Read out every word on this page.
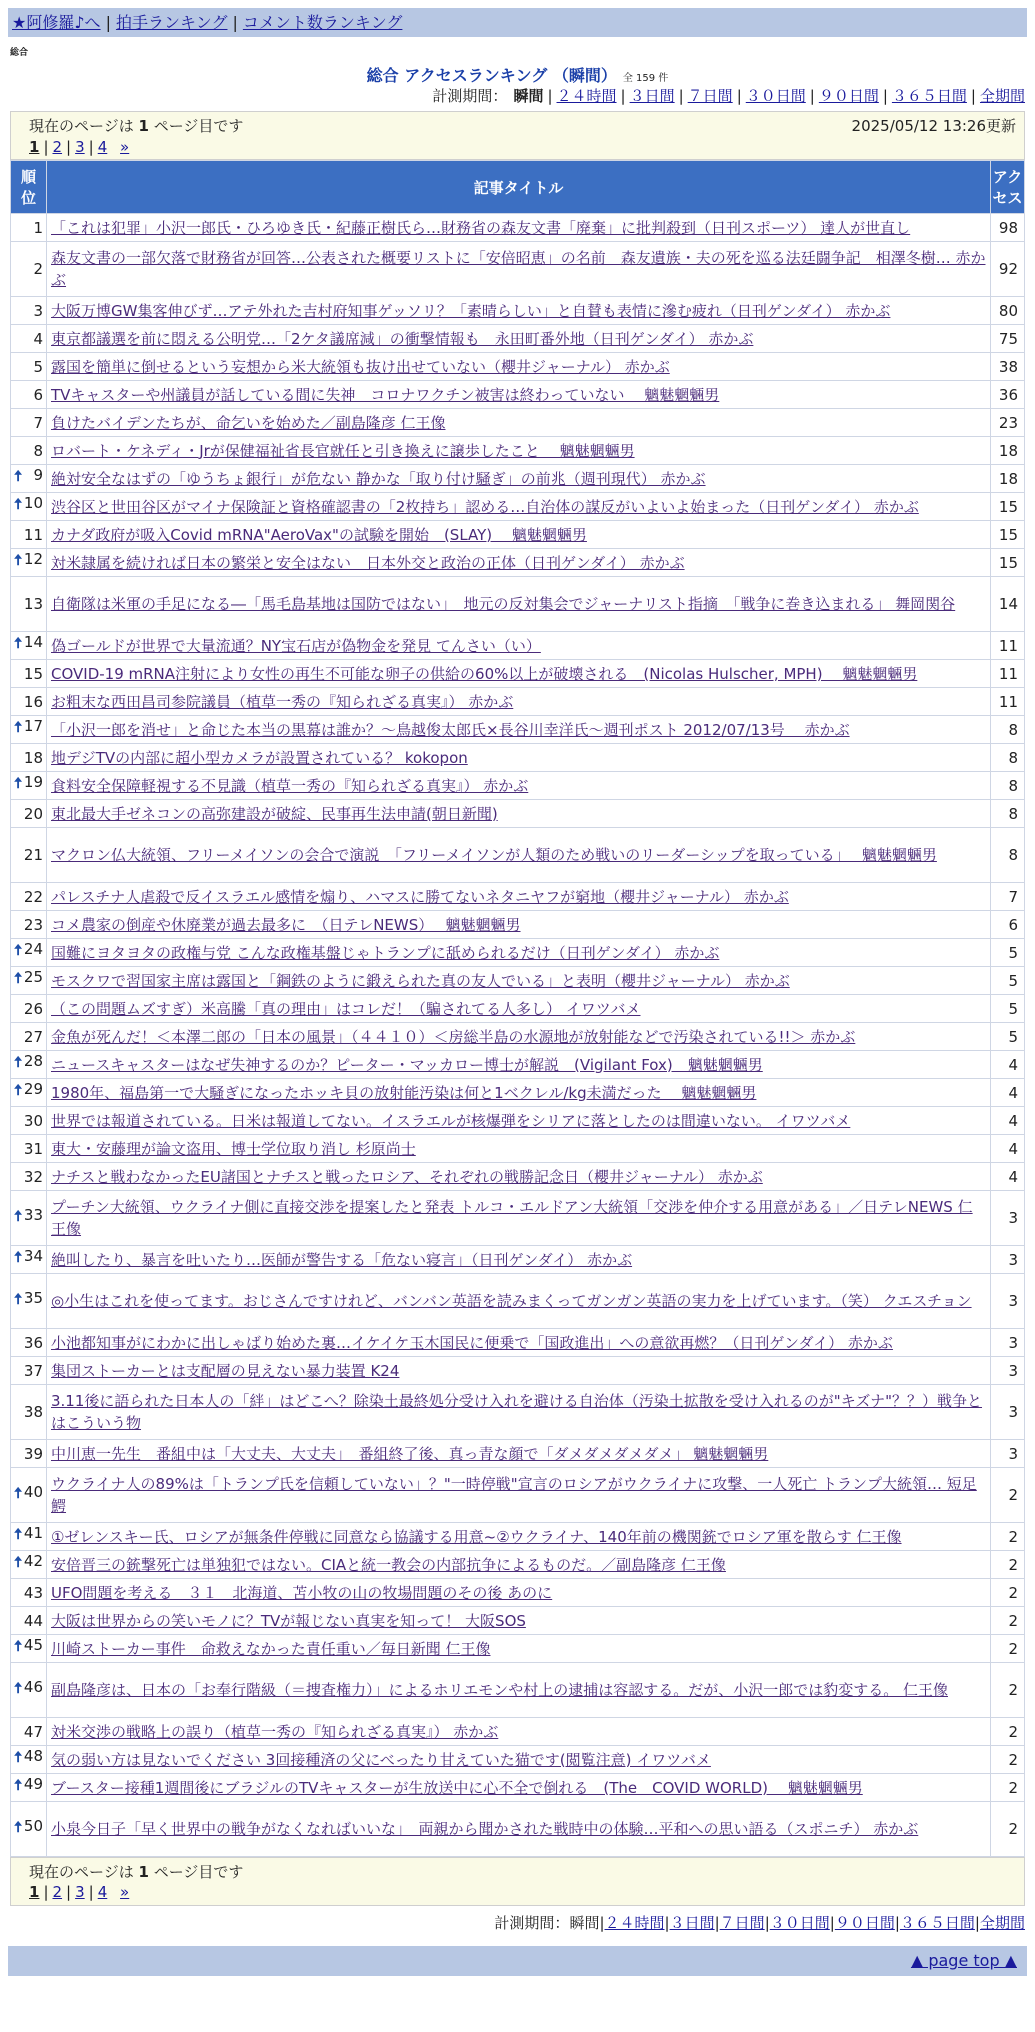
★阿修羅♪へ | 拍手ランキング | コメント数ランキング
総合
総合 アクセスランキング （瞬間） 全 159 件
計測期間： 瞬間 | ２４時間 | ３日間 | ７日間 | ３０日間 | ９０日間 | ３６５日間 | 全期間
現在のページは 1 ページ目です	2025/05/12 13:26更新
1 | 2 | 3 | 4 »
順位	記事タイトル	アクセス
1	「これは犯罪」小沢一郎氏・ひろゆき氏・紀藤正樹氏ら…財務省の森友文書「廃棄」に批判殺到（日刊スポーツ） 達人が世直し	98
2	森友文書の一部欠落で財務省が回答…公表された概要リストに「安倍昭恵」の名前　森友遺族・夫の死を巡る法廷闘争記　相澤冬樹… 赤かぶ	92
3	大阪万博GW集客伸びず…アテ外れた吉村府知事ゲッソリ？「素晴らしい」と自賛も表情に滲む疲れ（日刊ゲンダイ） 赤かぶ	80
4	東京都議選を前に悶える公明党…「2ケタ議席減」の衝撃情報も　永田町番外地（日刊ゲンダイ） 赤かぶ	75
5	露国を簡単に倒せるという妄想から米大統領も抜け出せていない（櫻井ジャーナル） 赤かぶ	38
6	TVキャスターや州議員が話している間に失神　コロナワクチン被害は終わっていない　 魑魅魍魎男	36
7	負けたバイデンたちが、命乞いを始めた／副島隆彦 仁王像	23
8	ロバート・ケネディ・Jrが保健福祉省長官就任と引き換えに譲歩したこと　 魑魅魍魎男	18

🠅 9	絶対安全なはずの「ゆうちょ銀行」が危ない 静かな「取り付け騒ぎ」の前兆（週刊現代） 赤かぶ	18

🠅 10	渋谷区と世田谷区がマイナ保険証と資格確認書の「2枚持ち」認める…自治体の謀反がいよいよ始まった（日刊ゲンダイ） 赤かぶ	15
11	カナダ政府が吸入Covid mRNA"AeroVax"の試験を開始　(SLAY)　 魑魅魍魎男	15

🠅 12	対米隷属を続ければ日本の繁栄と安全はない　日本外交と政治の正体（日刊ゲンダイ） 赤かぶ	15
13	自衛隊は米軍の手足になる―「馬毛島基地は国防ではない」　地元の反対集会でジャーナリスト指摘　「戦争に巻き込まれる」 舞岡関谷	14

🠅 14	偽ゴールドが世界で大量流通？NY宝石店が偽物金を発見 てんさい（い）	11
15	COVID-19 mRNA注射により女性の再生不可能な卵子の供給の60%以上が破壊される　(Nicolas Hulscher, MPH)　 魑魅魍魎男	11
16	お粗末な西田昌司参院議員（植草一秀の『知られざる真実』） 赤かぶ	11

🠅 17	「小沢一郎を消せ」と命じた本当の黒幕は誰か？～鳥越俊太郎氏×長谷川幸洋氏～週刊ポスト 2012/07/13号　 赤かぶ	8
18	地デジTVの内部に超小型カメラが設置されている？ kokopon	8

🠅 19	食料安全保障軽視する不見識（植草一秀の『知られざる真実』） 赤かぶ	8
20	東北最大手ゼネコンの高弥建設が破綻、民事再生法申請(朝日新聞)	8
21	マクロン仏大統領、フリーメイソンの会合で演説　「フリーメイソンが人類のため戦いのリーダーシップを取っている」　 魑魅魍魎男	8
22	パレスチナ人虐殺で反イスラエル感情を煽り、ハマスに勝てないネタニヤフが窮地（櫻井ジャーナル） 赤かぶ	7
23	コメ農家の倒産や休廃業が過去最多に　（日テレNEWS）　 魑魅魍魎男	6

🠅 24	国難にヨタヨタの政権与党 こんな政権基盤じゃトランプに舐められるだけ（日刊ゲンダイ） 赤かぶ	5

🠅 25	モスクワで習国家主席は露国と「鋼鉄のように鍛えられた真の友人でいる」と表明（櫻井ジャーナル） 赤かぶ	5
26	（この問題ムズすぎ）米高騰「真の理由」はコレだ！（騙されてる人多し） イワツバメ	5
27	金魚が死んだ！＜本澤二郎の「日本の風景」（４４１０）＜房総半島の水源地が放射能などで汚染されている!!＞ 赤かぶ	5

🠅 28	ニュースキャスターはなぜ失神するのか？ピーター・マッカロー博士が解説　(Vigilant Fox)　魑魅魍魎男	4

🠅 29	1980年、福島第一で大騒ぎになったホッキ貝の放射能汚染は何と1ベクレル/kg未満だった　 魑魅魍魎男	4
30	世界では報道されている。日米は報道してない。イスラエルが核爆弾をシリアに落としたのは間違いない。 イワツバメ	4
31	東大・安藤理が論文盗用、博士学位取り消し 杉原尚士	4
32	ナチスと戦わなかったEU諸国とナチスと戦ったロシア、それぞれの戦勝記念日（櫻井ジャーナル） 赤かぶ	4

🠅 33	プーチン大統領、ウクライナ側に直接交渉を提案したと発表 トルコ・エルドアン大統領「交渉を仲介する用意がある」／日テレNEWS 仁王像	3

🠅 34	絶叫したり、暴言を吐いたり…医師が警告する「危ない寝言」（日刊ゲンダイ） 赤かぶ	3

🠅 35	◎小生はこれを使ってます。おじさんですけれど、バンバン英語を読みまくってガンガン英語の実力を上げています。（笑） クエスチョン	3
36	小池都知事がにわかに出しゃばり始めた裏…イケイケ玉木国民に便乗で「国政進出」への意欲再燃？（日刊ゲンダイ） 赤かぶ	3
37	集団ストーカーとは支配層の見えない暴力装置 K24	3
38	3.11後に語られた日本人の「絆」はどこへ？除染土最終処分受け入れを避ける自治体（汚染土拡散を受け入れるのが"キズナ"？？）戦争とはこういう物	3
39	中川恵一先生　番組中は「大丈夫、大丈夫」　番組終了後、真っ青な顔で「ダメダメダメダメ」 魑魅魍魎男	3

🠅 40	ウクライナ人の89%は「トランプ氏を信頼していない」？"一時停戦"宣言のロシアがウクライナに攻撃、一人死亡 トランプ大統領… 短足鰐	2

🠅 41	①ゼレンスキー氏、ロシアが無条件停戦に同意なら協議する用意~②ウクライナ、140年前の機関銃でロシア軍を散らす 仁王像	2

🠅 42	安倍晋三の銃撃死亡は単独犯ではない。CIAと統一教会の内部抗争によるものだ。／副島隆彦 仁王像	2
43	UFO問題を考える　３１　北海道、苫小牧の山の牧場問題のその後 あのに	2
44	大阪は世界からの笑いモノに？TVが報じない真実を知って！ 大阪SOS	2

🠅 45	川崎ストーカー事件　命救えなかった責任重い／毎日新聞 仁王像	2

🠅 46	副島隆彦は、日本の「お奉行階級（＝捜査権力）」によるホリエモンや村上の逮捕は容認する。だが、小沢一郎では豹変する。 仁王像	2
47	対米交渉の戦略上の誤り（植草一秀の『知られざる真実』） 赤かぶ	2

🠅 48	気の弱い方は見ないでください 3回接種済の父にべったり甘えていた猫です(閲覧注意) イワツバメ	2

🠅 49	ブースター接種1週間後にブラジルのTVキャスターが生放送中に心不全で倒れる　(The　COVID WORLD)　 魑魅魍魎男	2

🠅 50	小泉今日子「早く世界中の戦争がなくなればいいな」　両親から聞かされた戦時中の体験…平和への思い語る（スポニチ） 赤かぶ	2
現在のページは 1 ページ目です
1 | 2 | 3 | 4 »
計測期間：瞬間|２４時間|３日間|７日間|３０日間|９０日間|３６５日間|全期間
▲ page top ▲
